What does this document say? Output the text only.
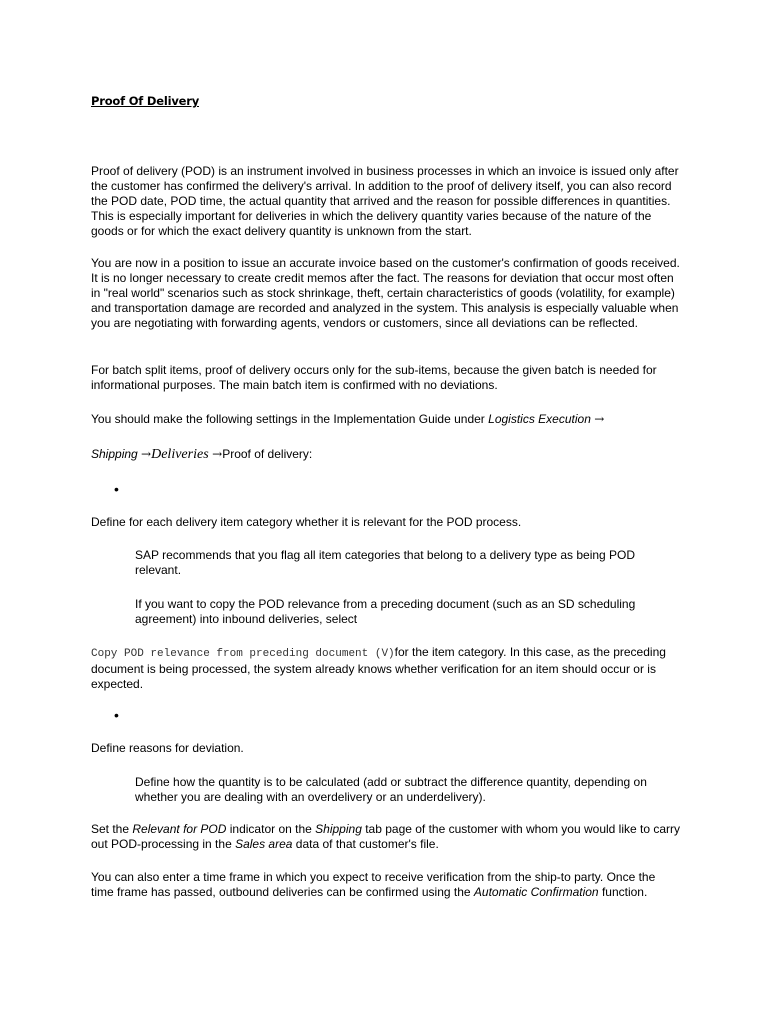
Proof Of Delivery

Proof of delivery (POD) is an instrument involved in business processes in which an invoice is issued only after the customer has confirmed the delivery's arrival. In addition to the proof of delivery itself, you can also record the POD date, POD time, the actual quantity that arrived and the reason for possible differences in quantities. This is especially important for deliveries in which the delivery quantity varies because of the nature of the goods or for which the exact delivery quantity is unknown from the start.

You are now in a position to issue an accurate invoice based on the customer's confirmation of goods received. It is no longer necessary to create credit memos after the fact. The reasons for deviation that occur most often in "real world" scenarios such as stock shrinkage, theft, certain characteristics of goods (volatility, for example) and transportation damage are recorded and analyzed in the system. This analysis is especially valuable when you are negotiating with forwarding agents, vendors or customers, since all deviations can be reflected.

For batch split items, proof of delivery occurs only for the sub-items, because the given batch is needed for informational purposes. The main batch item is confirmed with no deviations.

You should make the following settings in the Implementation Guide under Logistics Execution →

Shipping →Deliveries →Proof of delivery:

•

Define for each delivery item category whether it is relevant for the POD process.

SAP recommends that you flag all item categories that belong to a delivery type as being POD relevant.

If you want to copy the POD relevance from a preceding document (such as an SD scheduling agreement) into inbound deliveries, select

Copy POD relevance from preceding document (V)for the item category. In this case, as the preceding document is being processed, the system already knows whether verification for an item should occur or is expected.

•

Define reasons for deviation.

Define how the quantity is to be calculated (add or subtract the difference quantity, depending on whether you are dealing with an overdelivery or an underdelivery).

Set the Relevant for POD indicator on the Shipping tab page of the customer with whom you would like to carry out POD-processing in the Sales area data of that customer's file.

You can also enter a time frame in which you expect to receive verification from the ship-to party. Once the time frame has passed, outbound deliveries can be confirmed using the Automatic Confirmation function.
